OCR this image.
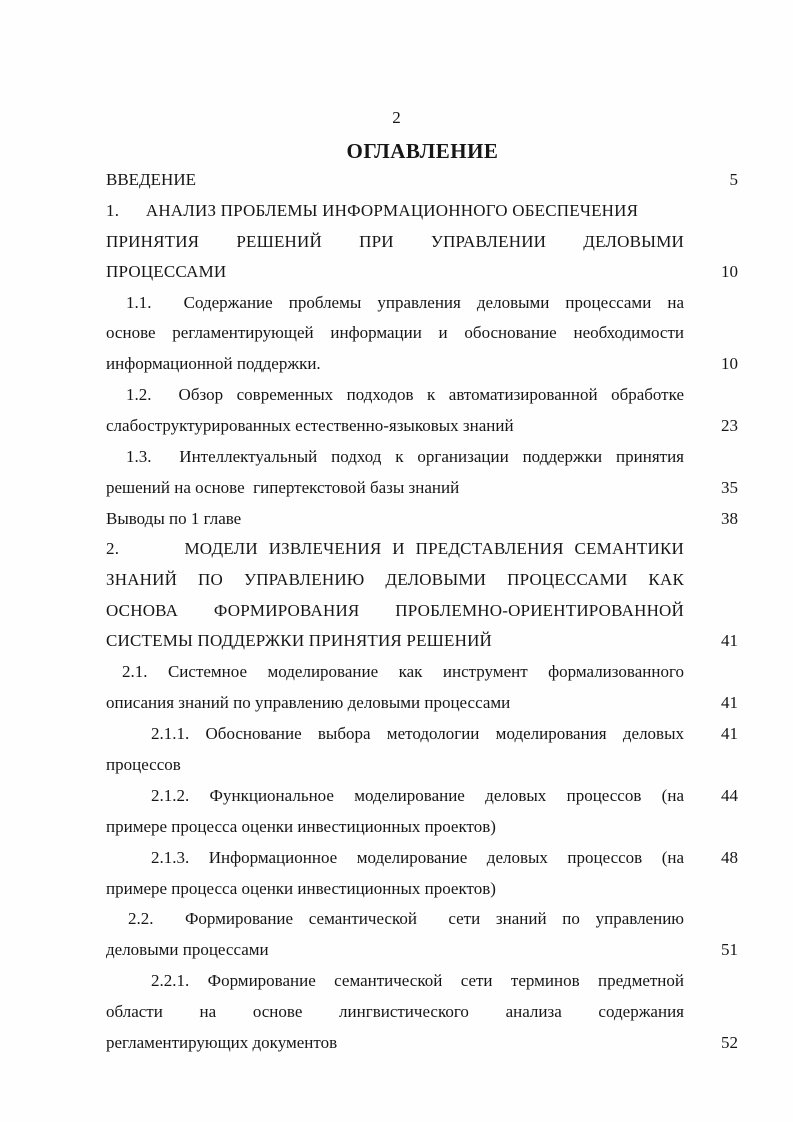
2
ОГЛАВЛЕНИЕ
ВВЕДЕНИЕ	5
1.      АНАЛИЗ ПРОБЛЕМЫ ИНФОРМАЦИОННОГО ОБЕСПЕЧЕНИЯ
ПРИНЯТИЯ РЕШЕНИЙ ПРИ УПРАВЛЕНИИ ДЕЛОВЫМИ
ПРОЦЕССАМИ	10
1.1.  Содержание проблемы управления деловыми процессами на
основе регламентирующей информации и обоснование необходимости
информационной поддержки.	10
1.2.  Обзор современных подходов к автоматизированной обработке
слабоструктурированных естественно-языковых знаний	23
1.3.  Интеллектуальный подход к организации поддержки принятия
решений на основе  гипертекстовой базы знаний	35
Выводы по 1 главе	38
2.      МОДЕЛИ ИЗВЛЕЧЕНИЯ И ПРЕДСТАВЛЕНИЯ СЕМАНТИКИ
ЗНАНИЙ ПО УПРАВЛЕНИЮ ДЕЛОВЫМИ ПРОЦЕССАМИ КАК
ОСНОВА ФОРМИРОВАНИЯ ПРОБЛЕМНО-ОРИЕНТИРОВАННОЙ
СИСТЕМЫ ПОДДЕРЖКИ ПРИНЯТИЯ РЕШЕНИЙ	41
2.1. Системное моделирование как инструмент формализованного
описания знаний по управлению деловыми процессами	41
2.1.1. Обоснование выбора методологии моделирования деловых	41
процессов
2.1.2. Функциональное моделирование деловых процессов (на	44
примере процесса оценки инвестиционных проектов)
2.1.3. Информационное моделирование деловых процессов (на	48
примере процесса оценки инвестиционных проектов)
2.2.  Формирование семантической  сети знаний по управлению
деловыми процессами	51
2.2.1. Формирование семантической сети терминов предметной
области на основе лингвистического анализа содержания
регламентирующих документов	52
